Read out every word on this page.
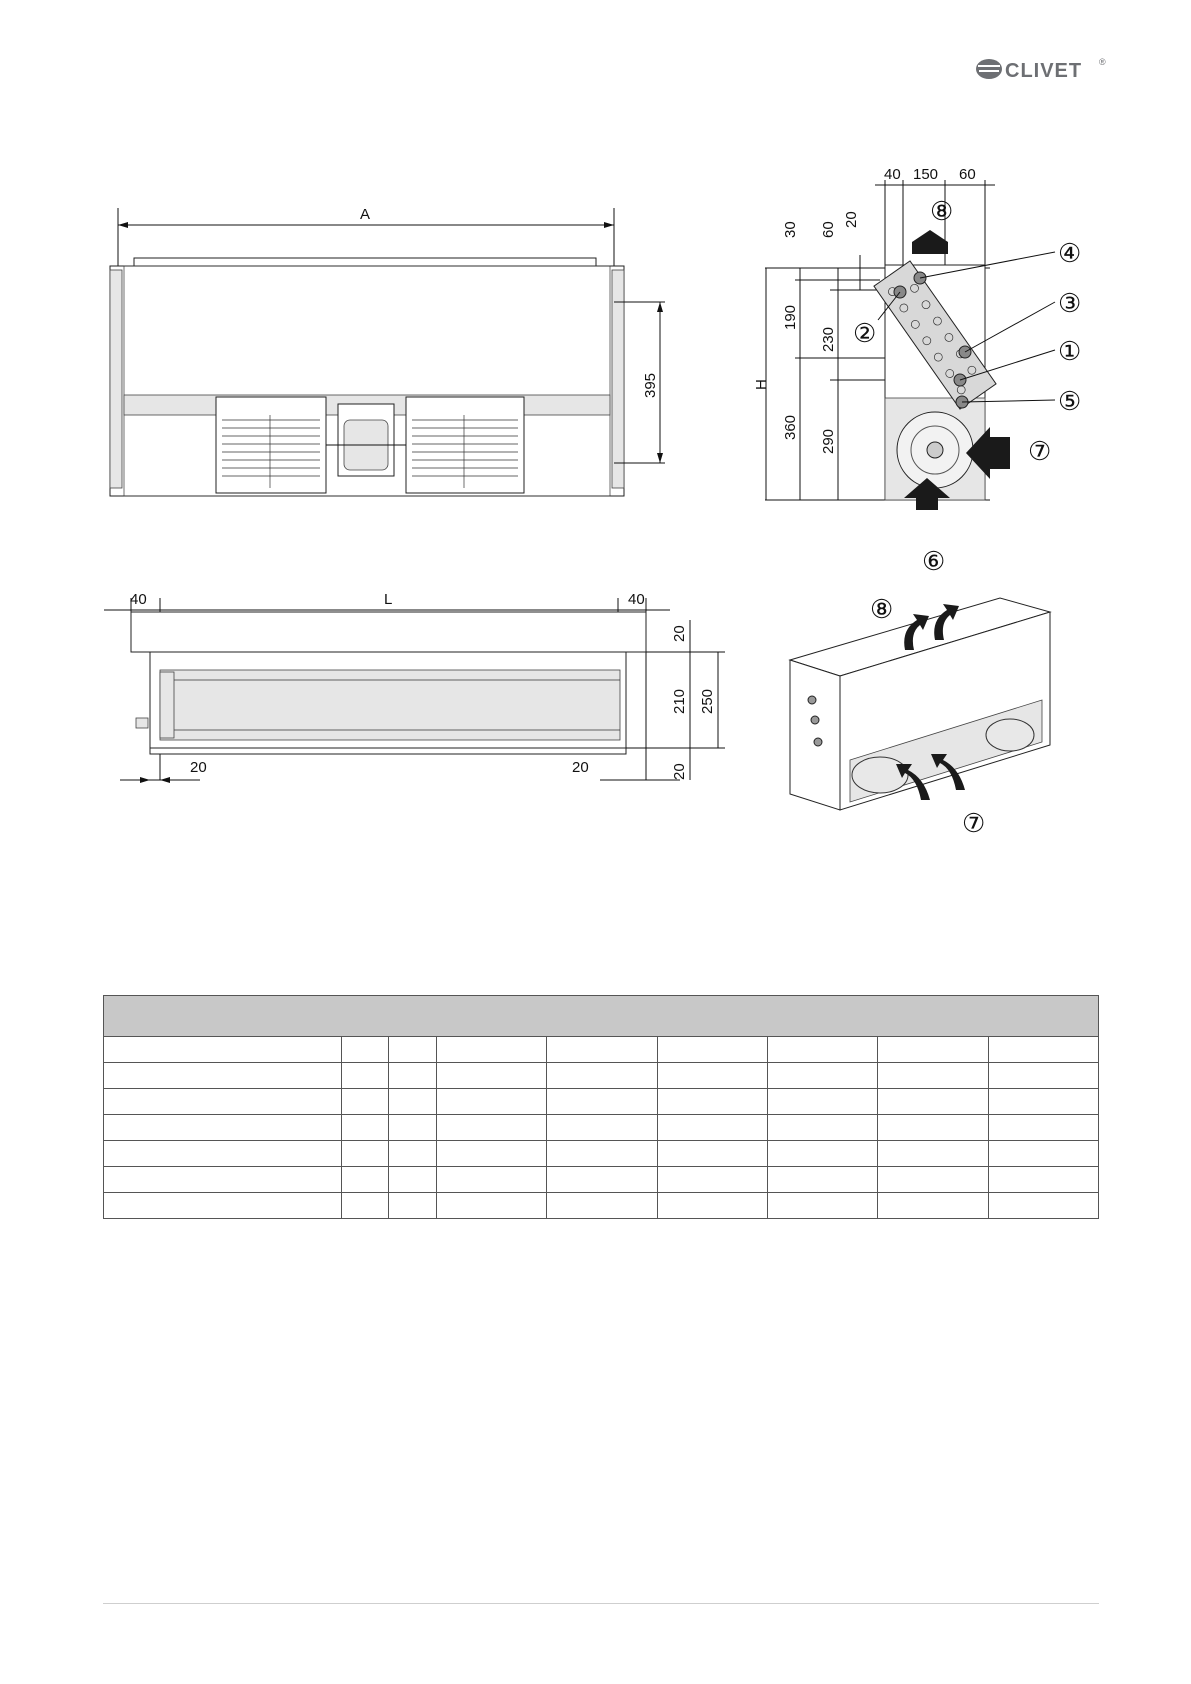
CLIVET ®
A
395
40 150 60
30 60
20
190
230
360
290
H
④
③
①
⑤
②
⑦
⑥
⑧
40	L	40
20	20
20
210 250
20
⑧
⑦
